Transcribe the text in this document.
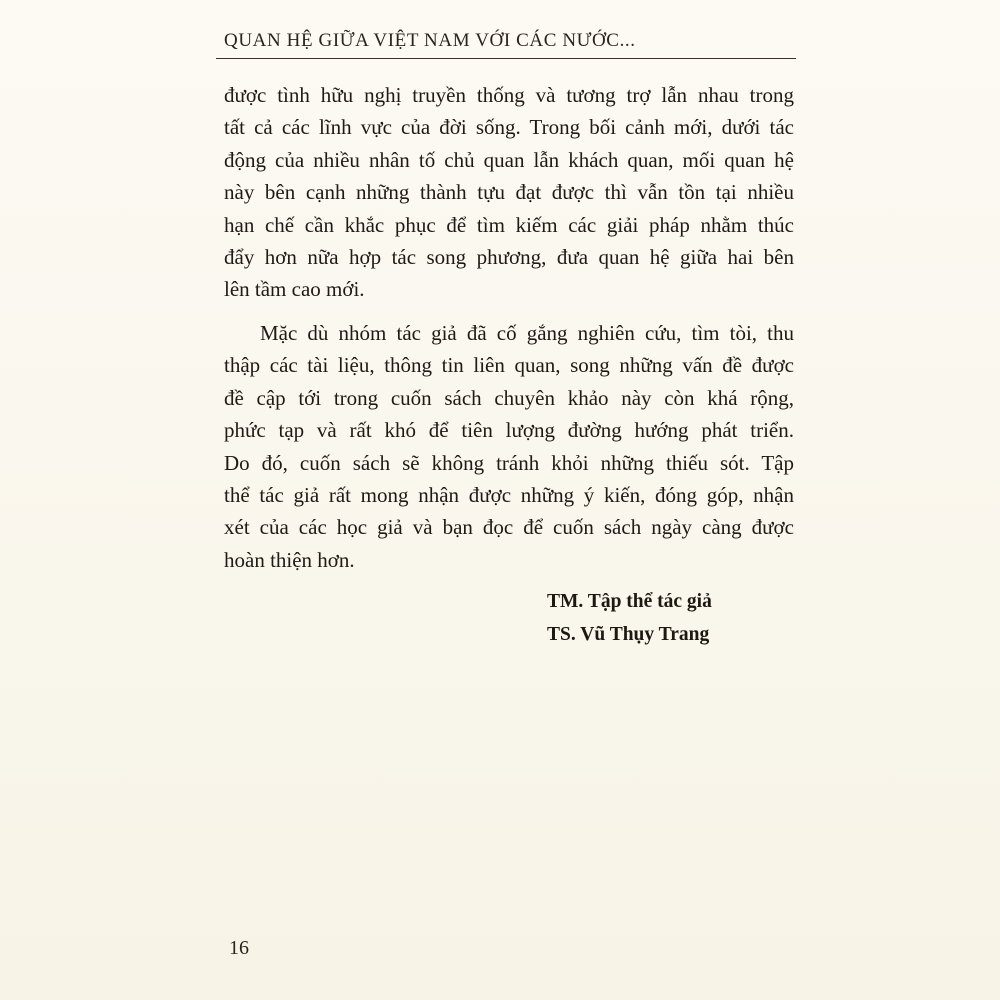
QUAN HỆ GIỮA VIỆT NAM VỚI CÁC NƯỚC...

được tình hữu nghị truyền thống và tương trợ lẫn nhau trong
tất cả các lĩnh vực của đời sống. Trong bối cảnh mới, dưới tác
động của nhiều nhân tố chủ quan lẫn khách quan, mối quan hệ
này bên cạnh những thành tựu đạt được thì vẫn tồn tại nhiều
hạn chế cần khắc phục để tìm kiếm các giải pháp nhằm thúc
đẩy hơn nữa hợp tác song phương, đưa quan hệ giữa hai bên
lên tầm cao mới.

Mặc dù nhóm tác giả đã cố gắng nghiên cứu, tìm tòi, thu
thập các tài liệu, thông tin liên quan, song những vấn đề được
đề cập tới trong cuốn sách chuyên khảo này còn khá rộng,
phức tạp và rất khó để tiên lượng đường hướng phát triển.
Do đó, cuốn sách sẽ không tránh khỏi những thiếu sót. Tập
thể tác giả rất mong nhận được những ý kiến, đóng góp, nhận
xét của các học giả và bạn đọc để cuốn sách ngày càng được
hoàn thiện hơn.

TM. Tập thể tác giả
TS. Vũ Thụy Trang
16
